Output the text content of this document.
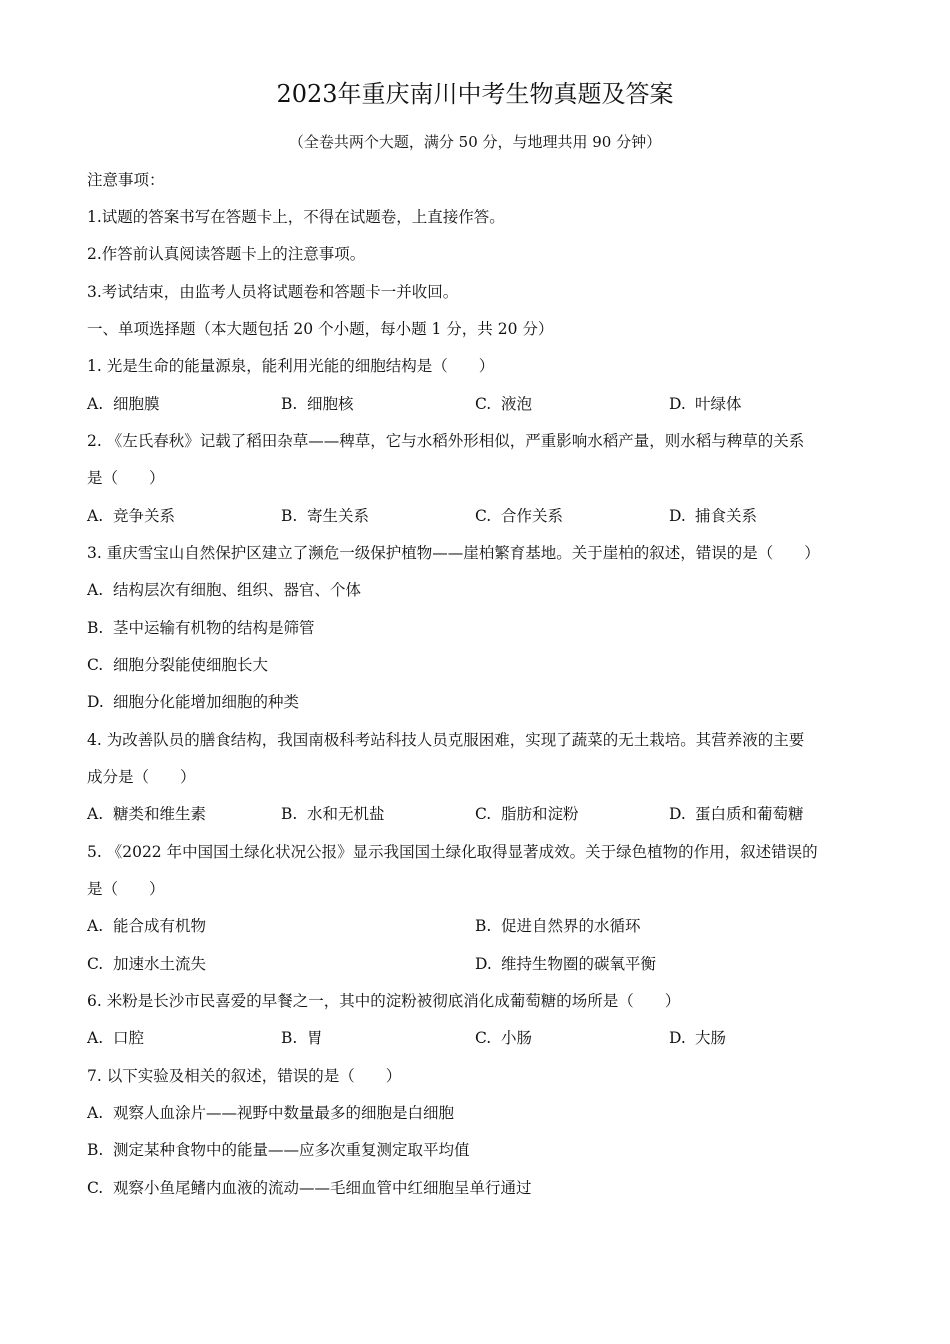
2023年重庆南川中考生物真题及答案
（全卷共两个大题，满分 50 分，与地理共用 90 分钟）
注意事项：
1.试题的答案书写在答题卡上，不得在试题卷，上直接作答。
2.作答前认真阅读答题卡上的注意事项。
3.考试结束，由监考人员将试题卷和答题卡一并收回。
一、单项选择题（本大题包括 20 个小题，每小题 1 分，共 20 分）
1. 光是生命的能量源泉，能利用光能的细胞结构是（　　）
A. 细胞膜	B. 细胞核	C. 液泡	D. 叶绿体
2. 《左氏春秋》记载了稻田杂草——稗草，它与水稻外形相似，严重影响水稻产量，则水稻与稗草的关系
是（　　）
A. 竞争关系	B. 寄生关系	C. 合作关系	D. 捕食关系
3. 重庆雪宝山自然保护区建立了濒危一级保护植物——崖柏繁育基地。关于崖柏的叙述，错误的是（　　）
A. 结构层次有细胞、组织、器官、个体
B. 茎中运输有机物的结构是筛管
C. 细胞分裂能使细胞长大
D. 细胞分化能增加细胞的种类
4. 为改善队员的膳食结构，我国南极科考站科技人员克服困难，实现了蔬菜的无土栽培。其营养液的主要
成分是（　　）
A. 糖类和维生素	B. 水和无机盐	C. 脂肪和淀粉	D. 蛋白质和葡萄糖
5. 《2022 年中国国土绿化状况公报》显示我国国土绿化取得显著成效。关于绿色植物的作用，叙述错误的
是（　　）
A. 能合成有机物	B. 促进自然界的水循环
C. 加速水土流失	D. 维持生物圈的碳氧平衡
6. 米粉是长沙市民喜爱的早餐之一，其中的淀粉被彻底消化成葡萄糖的场所是（　　）
A. 口腔	B. 胃	C. 小肠	D. 大肠
7. 以下实验及相关的叙述，错误的是（　　）
A. 观察人血涂片——视野中数量最多的细胞是白细胞
B. 测定某种食物中的能量——应多次重复测定取平均值
C. 观察小鱼尾鳍内血液的流动——毛细血管中红细胞呈单行通过
